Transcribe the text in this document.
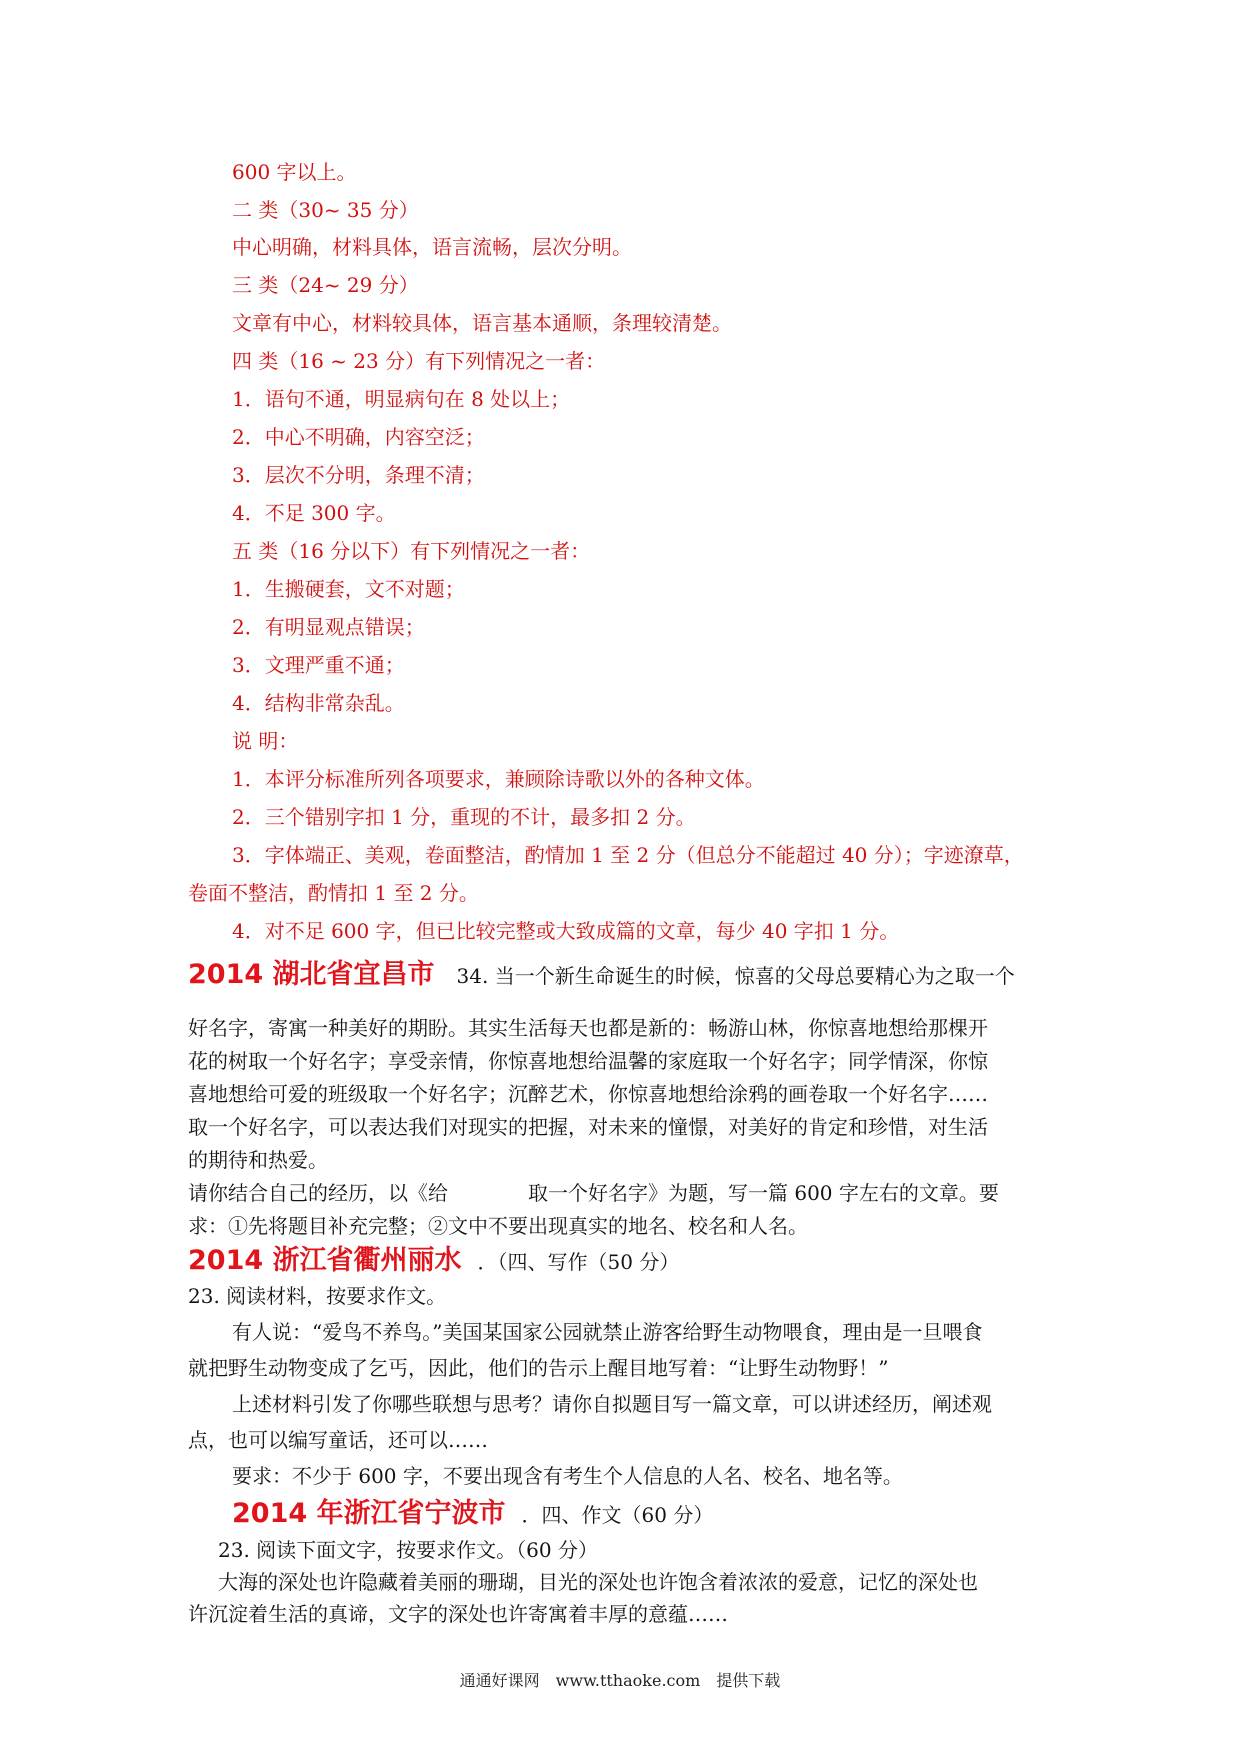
600 字以上。
二 类（30~ 35 分）
中心明确，材料具体，语言流畅，层次分明。
三 类（24~ 29 分）
文章有中心，材料较具体，语言基本通顺，条理较清楚。
四 类（16 ~ 23 分）有下列情况之一者：
1．语句不通，明显病句在 8 处以上；
2．中心不明确，内容空泛；
3．层次不分明，条理不清；
4．不足 300 字。
五 类（16 分以下）有下列情况之一者：
1．生搬硬套，文不对题；
2．有明显观点错误；
3．文理严重不通；
4．结构非常杂乱。
说 明：
1．本评分标准所列各项要求，兼顾除诗歌以外的各种文体。
2．三个错别字扣 1 分，重现的不计，最多扣 2 分。
3．字体端正、美观，卷面整洁，酌情加 1 至 2 分（但总分不能超过 40 分）；字迹潦草，
卷面不整洁，酌情扣 1 至 2 分。
4．对不足 600 字，但已比较完整或大致成篇的文章，每少 40 字扣 1 分。
2014 湖北省宜昌市 34. 当一个新生命诞生的时候，惊喜的父母总要精心为之取一个
好名字，寄寓一种美好的期盼。其实生活每天也都是新的：畅游山林，你惊喜地想给那棵开
花的树取一个好名字；享受亲情，你惊喜地想给温馨的家庭取一个好名字；同学情深，你惊
喜地想给可爱的班级取一个好名字；沉醉艺术，你惊喜地想给涂鸦的画卷取一个好名字……
取一个好名字，可以表达我们对现实的把握，对未来的憧憬，对美好的肯定和珍惜，对生活
的期待和热爱。
请你结合自己的经历，以《给　　　　取一个好名字》为题，写一篇 600 字左右的文章。要
求：①先将题目补充完整；②文中不要出现真实的地名、校名和人名。
2014 浙江省衢州丽水 ．（四、写作（50 分）
23. 阅读材料，按要求作文。
有人说：“爱鸟不养鸟。”美国某国家公园就禁止游客给野生动物喂食，理由是一旦喂食
就把野生动物变成了乞丐，因此，他们的告示上醒目地写着：“让野生动物野！”
上述材料引发了你哪些联想与思考？请你自拟题目写一篇文章，可以讲述经历，阐述观
点，也可以编写童话，还可以……
要求：不少于 600 字，不要出现含有考生个人信息的人名、校名、地名等。
2014 年浙江省宁波市 ．四、作文（60 分）
23. 阅读下面文字，按要求作文。（60 分）
大海的深处也许隐藏着美丽的珊瑚，目光的深处也许饱含着浓浓的爱意，记忆的深处也
许沉淀着生活的真谛，文字的深处也许寄寓着丰厚的意蕴……
通通好课网　www.tthaoke.com　提供下载
